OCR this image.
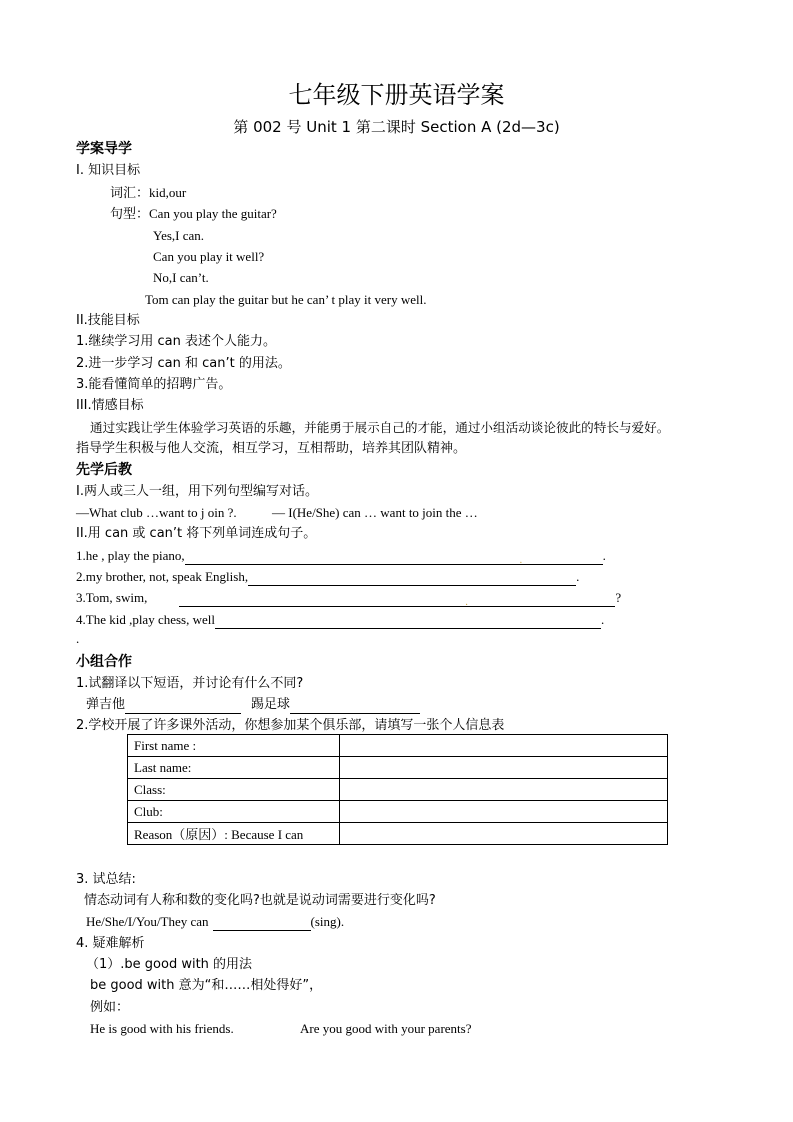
七年级下册英语学案
第 002 号 Unit 1 第二课时 Section A (2d—3c)
学案导学
I. 知识目标
词汇：kid,our
句型：Can you play the guitar?
Yes,I can.
Can you play it well?
No,I can’t.
Tom can play the guitar but he can’ t play it very well.
II.技能目标
1.继续学习用 can 表述个人能力。
2.进一步学习 can 和 can’t 的用法。
3.能看懂简单的招聘广告。
III.情感目标
通过实践让学生体验学习英语的乐趣，并能勇于展示自己的才能，通过小组活动谈论彼此的特长与爱好。
指导学生积极与他人交流，相互学习，互相帮助，培养其团队精神。
先学后教
I.两人或三人一组，用下列句型编写对话。
—What club …want to j oin ?.	— I(He/She) can … want to join the …
II.用 can 或 can’t 将下列单词连成句子。
1.he , play the piano,	.	.
2.my brother, not, speak English,	.
3.Tom, swim,	.	?
4.The kid ,play chess, well	.
.
小组合作
1.试翻译以下短语，并讨论有什么不同?
弹吉他	踢足球
2.学校开展了许多课外活动，你想参加某个俱乐部，请填写一张个人信息表
First name :	
Last name:	
Class:	
Club:	
Reason（原因）: Because I can	
3. 试总结:
情态动词有人称和数的变化吗?也就是说动词需要进行变化吗?
He/She/I/You/They can	(sing).
4. 疑难解析
（1）.be good with 的用法
be good with 意为“和……相处得好”，
例如：
He is good with his friends.	Are you good with your parents?
